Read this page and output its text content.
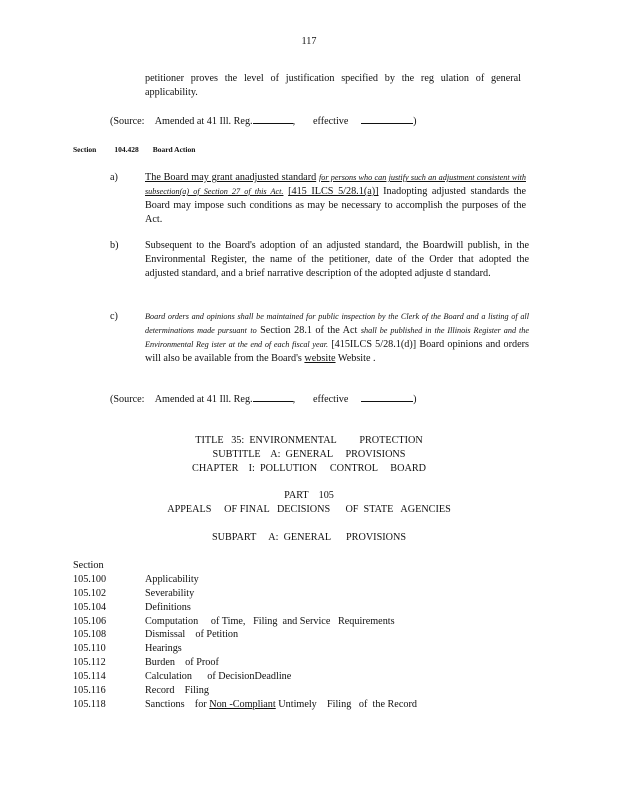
117
petitioner proves the level of justification specified by the reg ulation of general applicability.
(Source: Amended at 41 Ill. Reg.	, effective	)
Section 104.428 Board Action
a)	The Board may grant anadjusted standard for persons who can justify such an adjustment consistent with subsection(a) of Section 27 of this Act. [415 ILCS 5/28.1(a)] Inadopting adjusted standards the Board may impose such conditions as may be necessary to accomplish the purposes of the Act.
b)	Subsequent to the Board's adoption of an adjusted standard, the Boardwill publish, in the Environmental Register, the name of the petitioner, date of the Order that adopted the adjusted standard, and a brief narrative description of the adopted adjuste d standard.
c)	Board orders and opinions shall be maintained for public inspection by the Clerk of the Board and a listing of all determinations made pursuant to Section 28.1 of the Act shall be published in the Illinois Register and the Environmental Reg ister at the end of each fiscal year. [415ILCS 5/28.1(d)] Board opinions and orders will also be available from the Board's website Website .
(Source: Amended at 41 Ill. Reg.	, effective	)
TITLE   35:  ENVIRONMENTAL         PROTECTION
SUBTITLE    A:  GENERAL     PROVISIONS
CHAPTER    I:  POLLUTION     CONTROL     BOARD
PART    105
APPEALS     OF FINAL   DECISIONS      OF  STATE   AGENCIES
SUBPART     A:  GENERAL      PROVISIONS
Section
105.100	Applicability
105.102	Severability
105.104	Definitions
105.106	Computation     of Time,   Filing  and Service   Requirements
105.108	Dismissal    of Petition
105.110	Hearings
105.112	Burden    of Proof
105.114	Calculation      of DecisionDeadline
105.116	Record    Filing
105.118	Sanctions    for Non -Compliant Untimely    Filing   of  the Record
